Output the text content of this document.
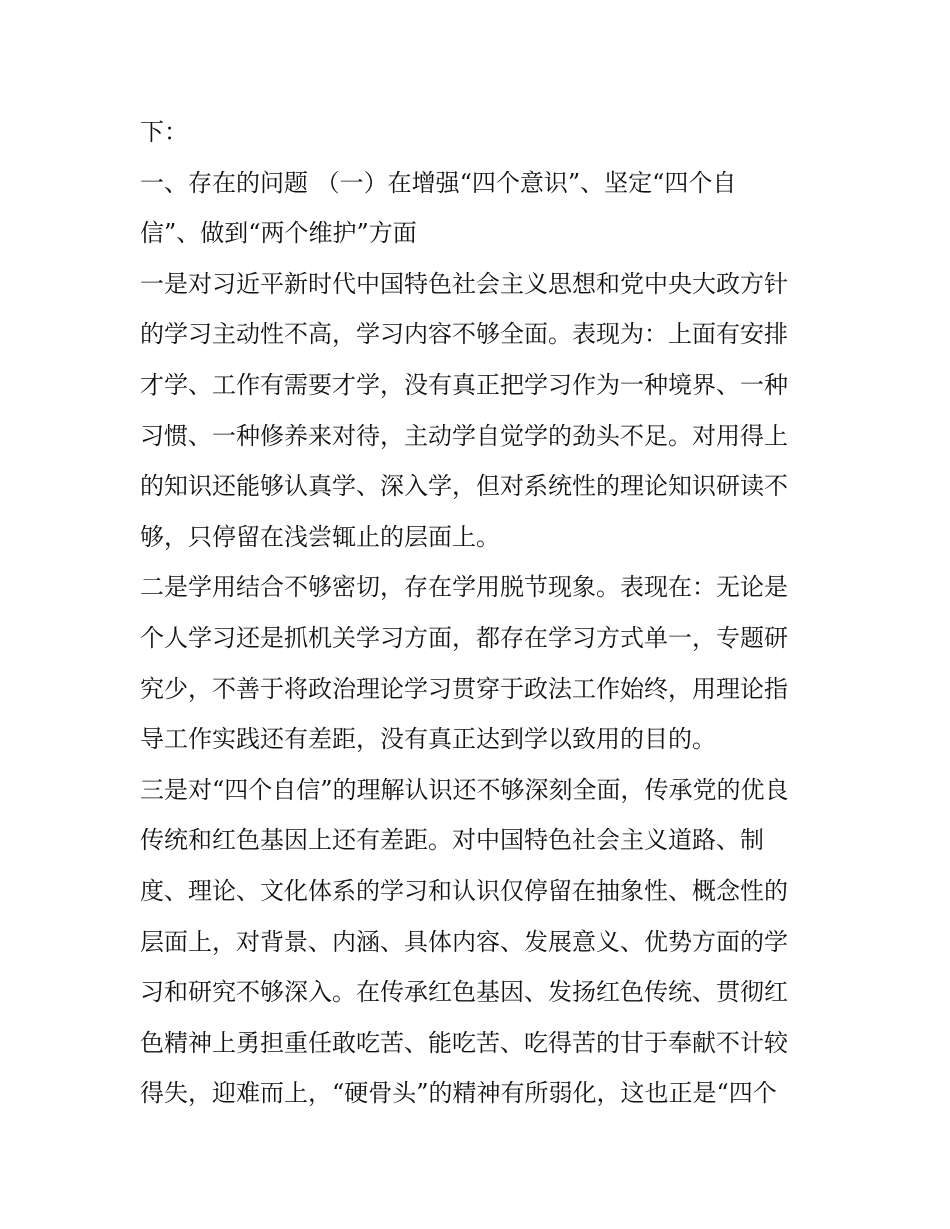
下：
一、存在的问题 （一）在增强“四个意识”、坚定“四个自
信”、做到“两个维护”方面
一是对习近平新时代中国特色社会主义思想和党中央大政方针
的学习主动性不高，学习内容不够全面。表现为：上面有安排
才学、工作有需要才学，没有真正把学习作为一种境界、一种
习惯、一种修养来对待，主动学自觉学的劲头不足。对用得上
的知识还能够认真学、深入学，但对系统性的理论知识研读不
够，只停留在浅尝辄止的层面上。
二是学用结合不够密切，存在学用脱节现象。表现在：无论是
个人学习还是抓机关学习方面，都存在学习方式单一，专题研
究少，不善于将政治理论学习贯穿于政法工作始终，用理论指
导工作实践还有差距，没有真正达到学以致用的目的。
三是对“四个自信”的理解认识还不够深刻全面，传承党的优良
传统和红色基因上还有差距。对中国特色社会主义道路、制
度、理论、文化体系的学习和认识仅停留在抽象性、概念性的
层面上，对背景、内涵、具体内容、发展意义、优势方面的学
习和研究不够深入。在传承红色基因、发扬红色传统、贯彻红
色精神上勇担重任敢吃苦、能吃苦、吃得苦的甘于奉献不计较
得失，迎难而上，“硬骨头”的精神有所弱化，这也正是“四个
